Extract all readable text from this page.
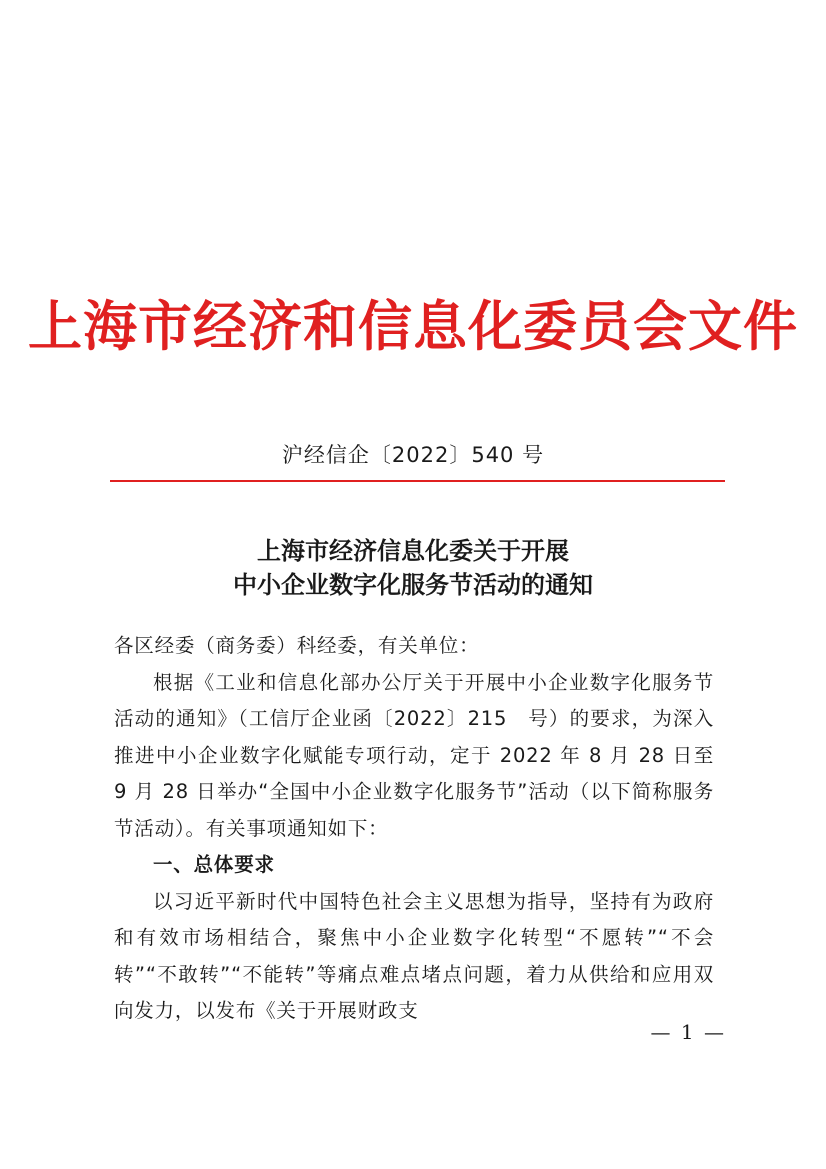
上海市经济和信息化委员会文件
沪经信企〔2022〕540 号
上海市经济信息化委关于开展
中小企业数字化服务节活动的通知

各区经委（商务委）科经委，有关单位：

根据《工业和信息化部办公厅关于开展中小企业数字化服务节活动的通知》（工信厅企业函〔2022〕215　号）的要求，为深入推进中小企业数字化赋能专项行动，定于 2022 年 8 月 28 日至 9 月 28 日举办“全国中小企业数字化服务节”活动（以下简称服务节活动）。有关事项通知如下：

一、总体要求

以习近平新时代中国特色社会主义思想为指导，坚持有为政府和有效市场相结合，聚焦中小企业数字化转型“不愿转”“不会转”“不敢转”“不能转”等痛点难点堵点问题，着力从供给和应用双向发力，以发布《关于开展财政支

— 1 —
